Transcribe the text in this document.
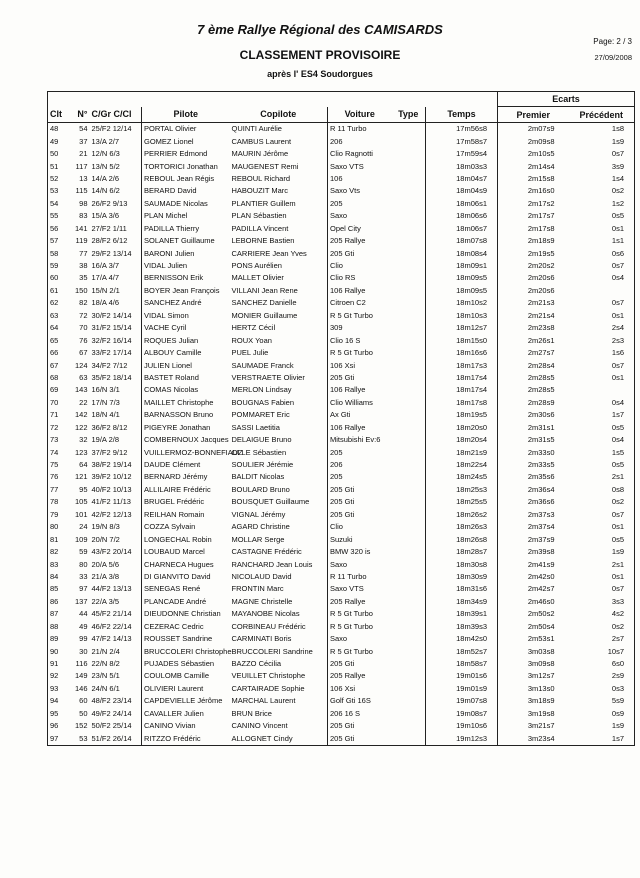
7 ème Rallye Régional des CAMISARDS
CLASSEMENT PROVISOIRE
après l' ES4 Soudorgues
Page: 2 / 3
27/09/2008
								Ecarts	
Clt	N°	C/Gr C/Cl	Pilote	Copilote	Voiture	Type	Temps	Premier	Précédent
48	54	25/F2 12/14	PORTAL Olivier	QUINTI Aurélie	R 11 Turbo		17m56s8	2m07s9	1s8
49	37	13/A 2/7	GOMEZ Lionel	CAMBUS Laurent	206		17m58s7	2m09s8	1s9
50	21	12/N 6/3	PERRIER Edmond	MAURIN Jérôme	Clio Ragnotti		17m59s4	2m10s5	0s7
51	117	13/N 5/2	TORTORICI Jonathan	MAUGENEST Remi	Saxo VTS		18m03s3	2m14s4	3s9
52	13	14/A 2/6	REBOUL Jean Régis	REBOUL Richard	106		18m04s7	2m15s8	1s4
53	115	14/N 6/2	BERARD David	HABOUZIT Marc	Saxo Vts		18m04s9	2m16s0	0s2
54	98	26/F2 9/13	SAUMADE Nicolas	PLANTIER Guillem	205		18m06s1	2m17s2	1s2
55	83	15/A 3/6	PLAN Michel	PLAN Sébastien	Saxo		18m06s6	2m17s7	0s5
56	141	27/F2 1/11	PADILLA Thierry	PADILLA Vincent	Opel City		18m06s7	2m17s8	0s1
57	119	28/F2 6/12	SOLANET Guillaume	LEBORNE Bastien	205 Rallye		18m07s8	2m18s9	1s1
58	77	29/F2 13/14	BARONI Julien	CARRIERE Jean Yves	205 Gti		18m08s4	2m19s5	0s6
59	38	16/A 3/7	VIDAL Julien	PONS Aurélien	Clio		18m09s1	2m20s2	0s7
60	35	17/A 4/7	BERNISSON Erik	MALLET Olivier	Clio RS		18m09s5	2m20s6	0s4
61	150	15/N 2/1	BOYER Jean François	VILLANI Jean Rene	106 Rallye		18m09s5	2m20s6	
62	82	18/A 4/6	SANCHEZ André	SANCHEZ Danielle	Citroen C2		18m10s2	2m21s3	0s7
63	72	30/F2 14/14	VIDAL Simon	MONIER Guillaume	R 5 Gt Turbo		18m10s3	2m21s4	0s1
64	70	31/F2 15/14	VACHE Cyril	HERTZ Cécil	309		18m12s7	2m23s8	2s4
65	76	32/F2 16/14	ROQUES Julian	ROUX Yoan	Clio 16 S		18m15s0	2m26s1	2s3
66	67	33/F2 17/14	ALBOUY Camille	PUEL Julie	R 5 Gt Turbo		18m16s6	2m27s7	1s6
67	124	34/F2 7/12	JULIEN Lionel	SAUMADE Franck	106 Xsi		18m17s3	2m28s4	0s7
68	63	35/F2 18/14	BASTET Roland	VERSTRAETE Olivier	205 Gti		18m17s4	2m28s5	0s1
69	143	16/N 3/1	COMAS Nicolas	MERLON Lindsay	106 Rallye		18m17s4	2m28s5	
70	22	17/N 7/3	MAILLET Christophe	BOUGNAS Fabien	Clio Williams		18m17s8	2m28s9	0s4
71	142	18/N 4/1	BARNASSON Bruno	POMMARET Eric	Ax Gti		18m19s5	2m30s6	1s7
72	122	36/F2 8/12	PIGEYRE Jonathan	SASSI Laetitia	106 Rallye		18m20s0	2m31s1	0s5
73	32	19/A 2/8	COMBERNOUX Jacques	DELAIGUE Bruno	Mitsubishi Ev:6		18m20s4	2m31s5	0s4
74	123	37/F2 9/12	VUILLERMOZ-BONNEFIAUZ	OLLE Sébastien	205		18m21s9	2m33s0	1s5
75	64	38/F2 19/14	DAUDE Clément	SOULIER Jérémie	206		18m22s4	2m33s5	0s5
76	121	39/F2 10/12	BERNARD Jérémy	BALDIT Nicolas	205		18m24s5	2m35s6	2s1
77	95	40/F2 10/13	ALLILAIRE Frédéric	BOULARD Bruno	205 Gti		18m25s3	2m36s4	0s8
78	105	41/F2 11/13	BRUGEL Frédéric	BOUSQUET Guillaume	205 Gti		18m25s5	2m36s6	0s2
79	101	42/F2 12/13	REILHAN Romain	VIGNAL Jérémy	205 Gti		18m26s2	2m37s3	0s7
80	24	19/N 8/3	COZZA Sylvain	AGARD Christine	Clio		18m26s3	2m37s4	0s1
81	109	20/N 7/2	LONGECHAL Robin	MOLLAR Serge	Suzuki		18m26s8	2m37s9	0s5
82	59	43/F2 20/14	LOUBAUD Marcel	CASTAGNE Frédéric	BMW 320 is		18m28s7	2m39s8	1s9
83	80	20/A 5/6	CHARNECA Hugues	RANCHARD Jean Louis	Saxo		18m30s8	2m41s9	2s1
84	33	21/A 3/8	DI GIANVITO David	NICOLAUD David	R 11 Turbo		18m30s9	2m42s0	0s1
85	97	44/F2 13/13	SENEGAS René	FRONTIN Marc	Saxo VTS		18m31s6	2m42s7	0s7
86	137	22/A 3/5	PLANCADE André	MAGNE Christelle	205 Rallye		18m34s9	2m46s0	3s3
87	44	45/F2 21/14	DIEUDONNE Christian	MAYANOBE Nicolas	R 5 Gt Turbo		18m39s1	2m50s2	4s2
88	49	46/F2 22/14	CEZERAC Cedric	CORBINEAU Frédéric	R 5 Gt Turbo		18m39s3	2m50s4	0s2
89	99	47/F2 14/13	ROUSSET Sandrine	CARMINATI Boris	Saxo		18m42s0	2m53s1	2s7
90	30	21/N 2/4	BRUCCOLERI Christophe	BRUCCOLERI Sandrine	R 5 Gt Turbo		18m52s7	3m03s8	10s7
91	116	22/N 8/2	PUJADES Sébastien	BAZZO Cécilia	205 Gti		18m58s7	3m09s8	6s0
92	149	23/N 5/1	COULOMB Camille	VEUILLET Christophe	205 Rallye		19m01s6	3m12s7	2s9
93	146	24/N 6/1	OLIVIERI Laurent	CARTAIRADE Sophie	106 Xsi		19m01s9	3m13s0	0s3
94	60	48/F2 23/14	CAPDEVIELLE Jérôme	MARCHAL Laurent	Golf Gti 16S		19m07s8	3m18s9	5s9
95	50	49/F2 24/14	CAVALLER Julien	BRUN Brice	206 16 S		19m08s7	3m19s8	0s9
96	152	50/F2 25/14	CANINO Vivian	CANINO Vincent	205 Gti		19m10s6	3m21s7	1s9
97	53	51/F2 26/14	RITZZO Frédéric	ALLOGNET Cindy	205 Gti		19m12s3	3m23s4	1s7
